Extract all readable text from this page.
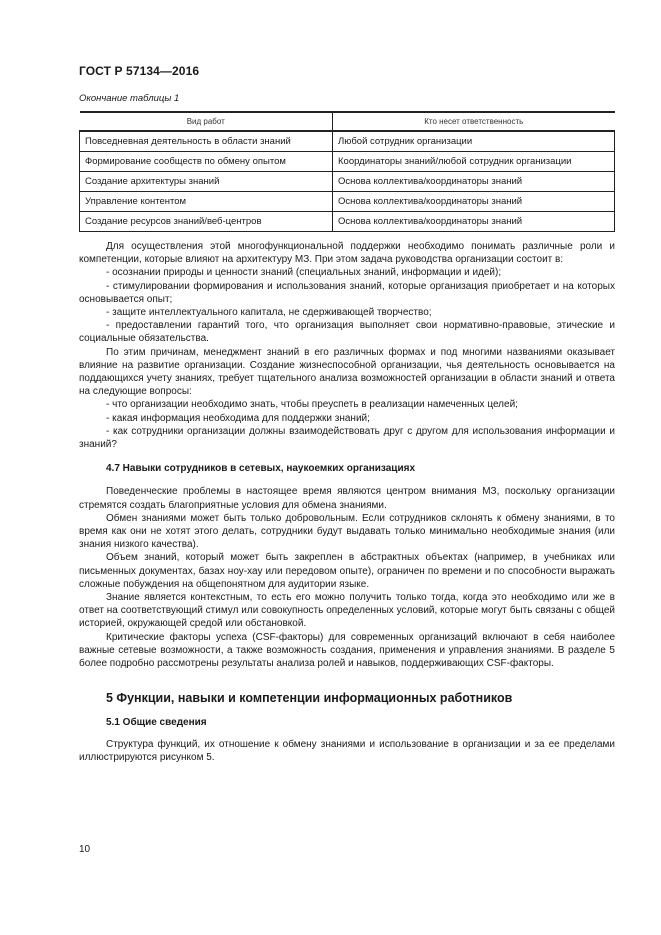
ГОСТ Р 57134—2016
Окончание таблицы 1
Вид работ	Кто несет ответственность
Повседневная деятельность в области знаний	Любой сотрудник организации
Формирование сообществ по обмену опытом	Координаторы знаний/любой сотрудник организации
Создание архитектуры знаний	Основа коллектива/координаторы знаний
Управление контентом	Основа коллектива/координаторы знаний
Создание ресурсов знаний/веб-центров	Основа коллектива/координаторы знаний

Для осуществления этой многофункциональной поддержки необходимо понимать различные роли и компетенции, которые влияют на архитектуру МЗ. При этом задача руководства организации состоит в:

- осознании природы и ценности знаний (специальных знаний, информации и идей);

- стимулировании формирования и использования знаний, которые организация приобретает и на которых основывается опыт;

- защите интеллектуального капитала, не сдерживающей творчество;

- предоставлении гарантий того, что организация выполняет свои нормативно-правовые, этические и социальные обязательства.

По этим причинам, менеджмент знаний в его различных формах и под многими названиями оказывает влияние на развитие организации. Создание жизнеспособной организации, чья деятельность основывается на поддающихся учету знаниях, требует тщательного анализа возможностей организации в области знаний и ответа на следующие вопросы:

- что организации необходимо знать, чтобы преуспеть в реализации намеченных целей;

- какая информация необходима для поддержки знаний;

- как сотрудники организации должны взаимодействовать друг с другом для использования информации и знаний?

4.7 Навыки сотрудников в сетевых, наукоемких организациях

Поведенческие проблемы в настоящее время являются центром внимания МЗ, поскольку организации стремятся создать благоприятные условия для обмена знаниями.

Обмен знаниями может быть только добровольным. Если сотрудников склонять к обмену знаниями, в то время как они не хотят этого делать, сотрудники будут выдавать только минимально необходимые знания (или знания низкого качества).

Объем знаний, который может быть закреплен в абстрактных объектах (например, в учебниках или письменных документах, базах ноу-хау или передовом опыте), ограничен по времени и по способности выражать сложные побуждения на общепонятном для аудитории языке.

Знание является контекстным, то есть его можно получить только тогда, когда это необходимо или же в ответ на соответствующий стимул или совокупность определенных условий, которые могут быть связаны с общей историей, окружающей средой или обстановкой.

Критические факторы успеха (CSF-факторы) для современных организаций включают в себя наиболее важные сетевые возможности, а также возможность создания, применения и управления знаниями. В разделе 5 более подробно рассмотрены результаты анализа ролей и навыков, поддерживающих CSF-факторы.

5 Функции, навыки и компетенции информационных работников
5.1 Общие сведения

Структура функций, их отношение к обмену знаниями и использование в организации и за ее пределами иллюстрируются рисунком 5.

10
